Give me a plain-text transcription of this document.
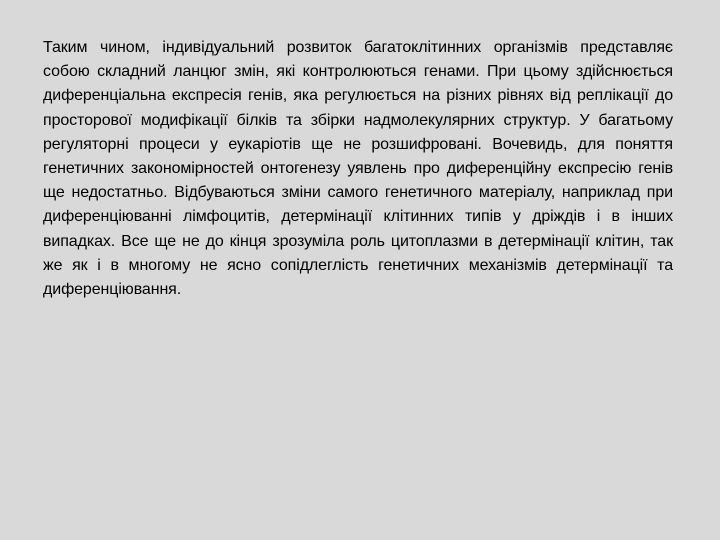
Таким чином, індивідуальний розвиток багатоклітинних організмів представляє собою складний ланцюг змін, які контролюються генами. При цьому здійснюється диференціальна експресія генів, яка регулюється на різних рівнях від реплікації до просторової модифікації білків та збірки надмолекулярних структур. У багатьому регуляторні процеси у еукаріотів ще не розшифровані. Вочевидь, для поняття генетичних закономірностей онтогенезу уявлень про диференційну експресію генів ще недостатньо. Відбуваються зміни самого генетичного матеріалу, наприклад при диференціюванні лімфоцитів, детермінації клітинних типів у дріждів і в інших випадках. Все ще не до кінця зрозуміла роль цитоплазми в детермінації клітин, так же як і в многому не ясно сопідлеглість генетичних механізмів детермінації та диференціювання.
